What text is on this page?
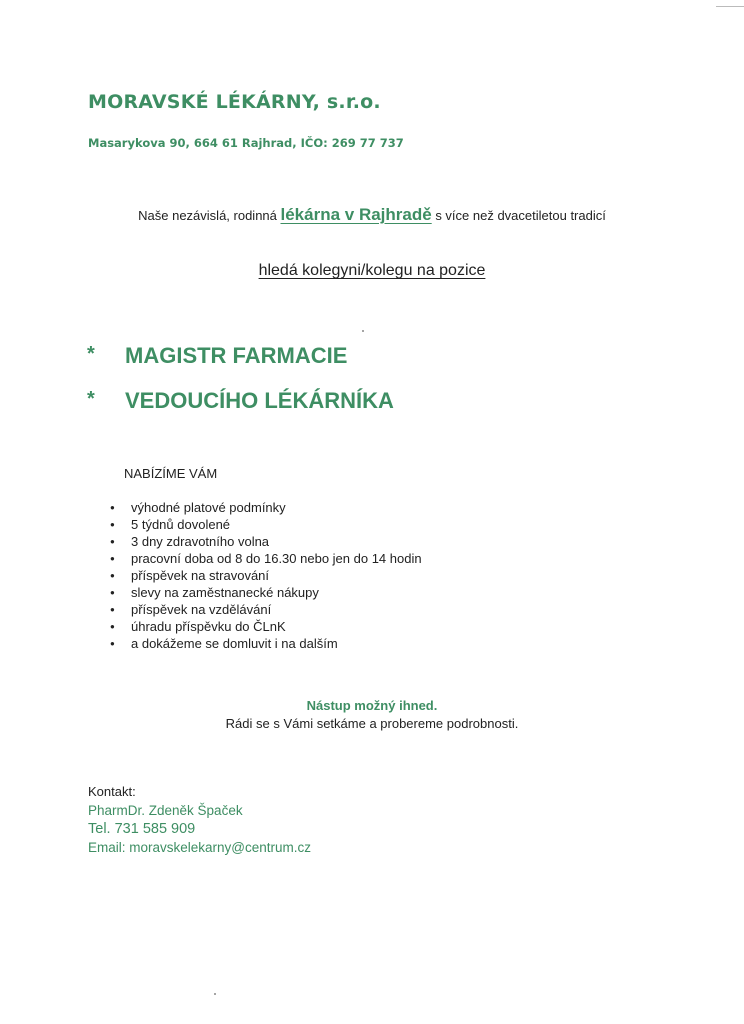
MORAVSKÉ LÉKÁRNY, s.r.o.
Masarykova 90, 664 61 Rajhrad, IČO: 269 77 737
Naše nezávislá, rodinná lékárna v Rajhradě s více než dvacetiletou tradicí
hledá kolegyni/kolegu na pozice
*	MAGISTR FARMACIE
*	VEDOUCÍHO LÉKÁRNÍKA
NABÍZÍME VÁM
●	výhodné platové podmínky
●	5 týdnů dovolené
●	3 dny zdravotního volna
●	pracovní doba od 8 do 16.30 nebo jen do 14 hodin
●	příspěvek na stravování
●	slevy na zaměstnanecké nákupy
●	příspěvek na vzdělávání
●	úhradu příspěvku do ČLnK
●	a dokážeme se domluvit i na dalším
Nástup možný ihned.
Rádi se s Vámi setkáme a probereme podrobnosti.
Kontakt:
PharmDr. Zdeněk Špaček
Tel. 731 585 909
Email: moravskelekarny@centrum.cz
